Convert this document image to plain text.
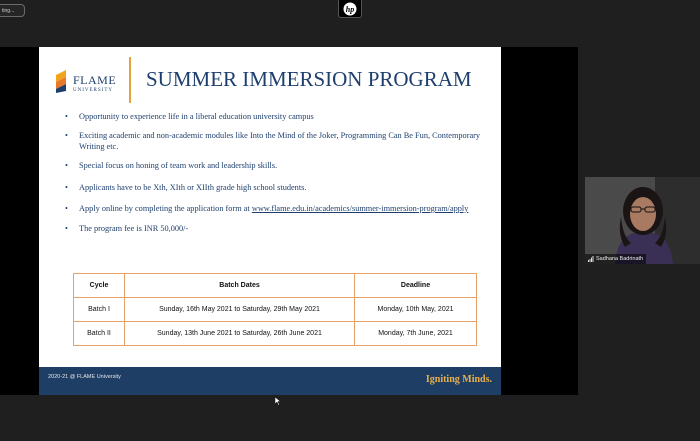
ting...	hp
FLAME
UNIVERSITY SUMMER IMMERSION PROGRAM
• Opportunity to experience life in a liberal education university campus
• Exciting academic and non-academic modules like Into the Mind of the Joker, Programming Can Be Fun, Contemporary Writing etc.
• Special focus on honing of team work and leadership skills.
• Applicants have to be Xth, XIth or XIIth grade high school students.
• Apply online by completing the application form at www.flame.edu.in/academics/summer-immersion-program/apply
• The program fee is INR 50,000/-
Cycle	Batch Dates	Deadline
Batch I	Sunday, 16th May 2021 to Saturday, 29th May 2021	Monday, 10th May, 2021
Batch II	Sunday, 13th June 2021 to Saturday, 26th June 2021	Monday, 7th June, 2021
2020-21 @ FLAME University	Igniting Minds.
Sadhana Badrinath
